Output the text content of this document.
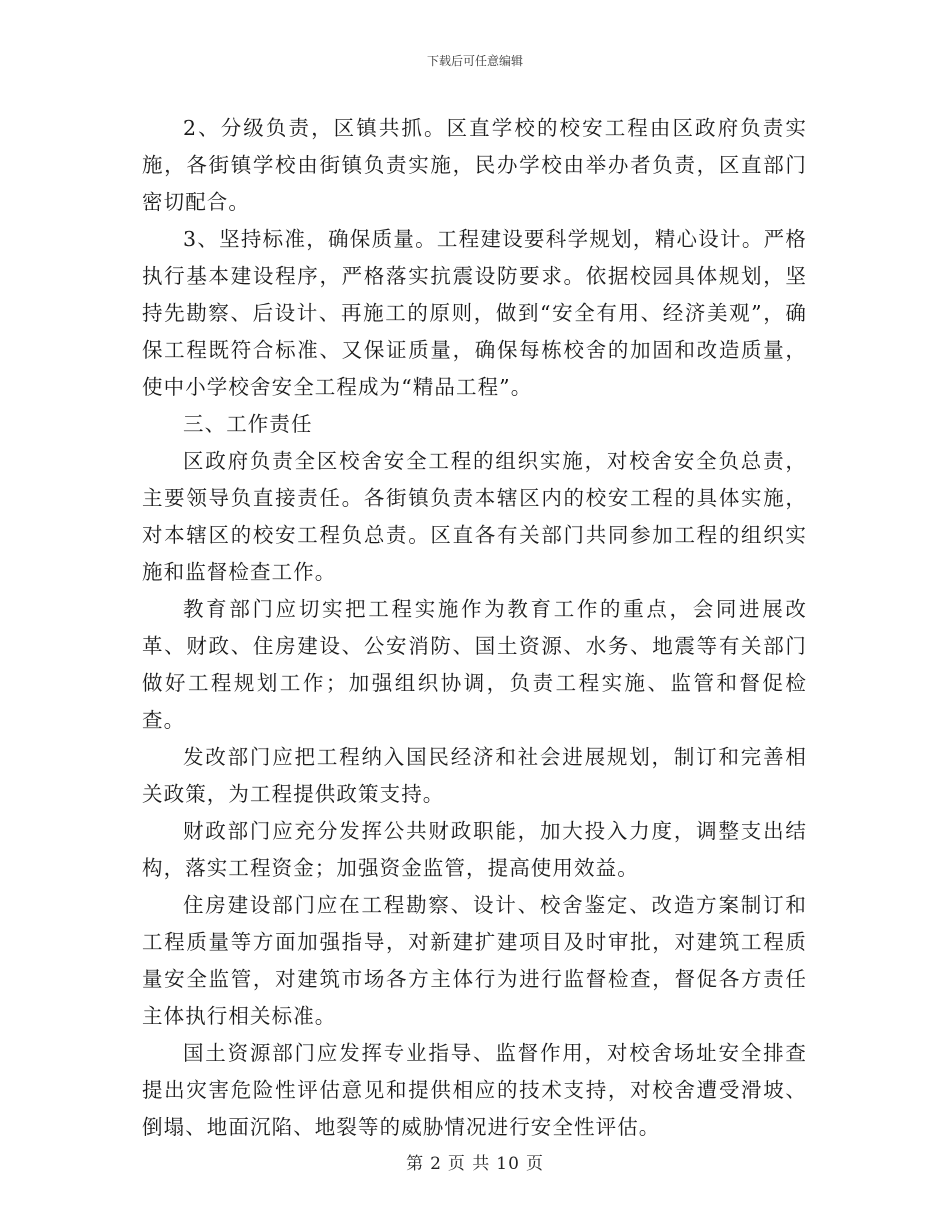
下载后可任意编辑

2、分级负责，区镇共抓。区直学校的校安工程由区政府负责实施，各街镇学校由街镇负责实施，民办学校由举办者负责，区直部门密切配合。

3、坚持标准，确保质量。工程建设要科学规划，精心设计。严格执行基本建设程序，严格落实抗震设防要求。依据校园具体规划，坚持先勘察、后设计、再施工的原则，做到“安全有用、经济美观”，确保工程既符合标准、又保证质量，确保每栋校舍的加固和改造质量，使中小学校舍安全工程成为“精品工程”。

三、工作责任

区政府负责全区校舍安全工程的组织实施，对校舍安全负总责，主要领导负直接责任。各街镇负责本辖区内的校安工程的具体实施，对本辖区的校安工程负总责。区直各有关部门共同参加工程的组织实施和监督检查工作。

教育部门应切实把工程实施作为教育工作的重点，会同进展改革、财政、住房建设、公安消防、国土资源、水务、地震等有关部门做好工程规划工作；加强组织协调，负责工程实施、监管和督促检查。

发改部门应把工程纳入国民经济和社会进展规划，制订和完善相关政策，为工程提供政策支持。

财政部门应充分发挥公共财政职能，加大投入力度，调整支出结构，落实工程资金；加强资金监管，提高使用效益。

住房建设部门应在工程勘察、设计、校舍鉴定、改造方案制订和工程质量等方面加强指导，对新建扩建项目及时审批，对建筑工程质量安全监管，对建筑市场各方主体行为进行监督检查，督促各方责任主体执行相关标准。

国土资源部门应发挥专业指导、监督作用，对校舍场址安全排查提出灾害危险性评估意见和提供相应的技术支持，对校舍遭受滑坡、倒塌、地面沉陷、地裂等的威胁情况进行安全性评估。

第 2 页 共 10 页
